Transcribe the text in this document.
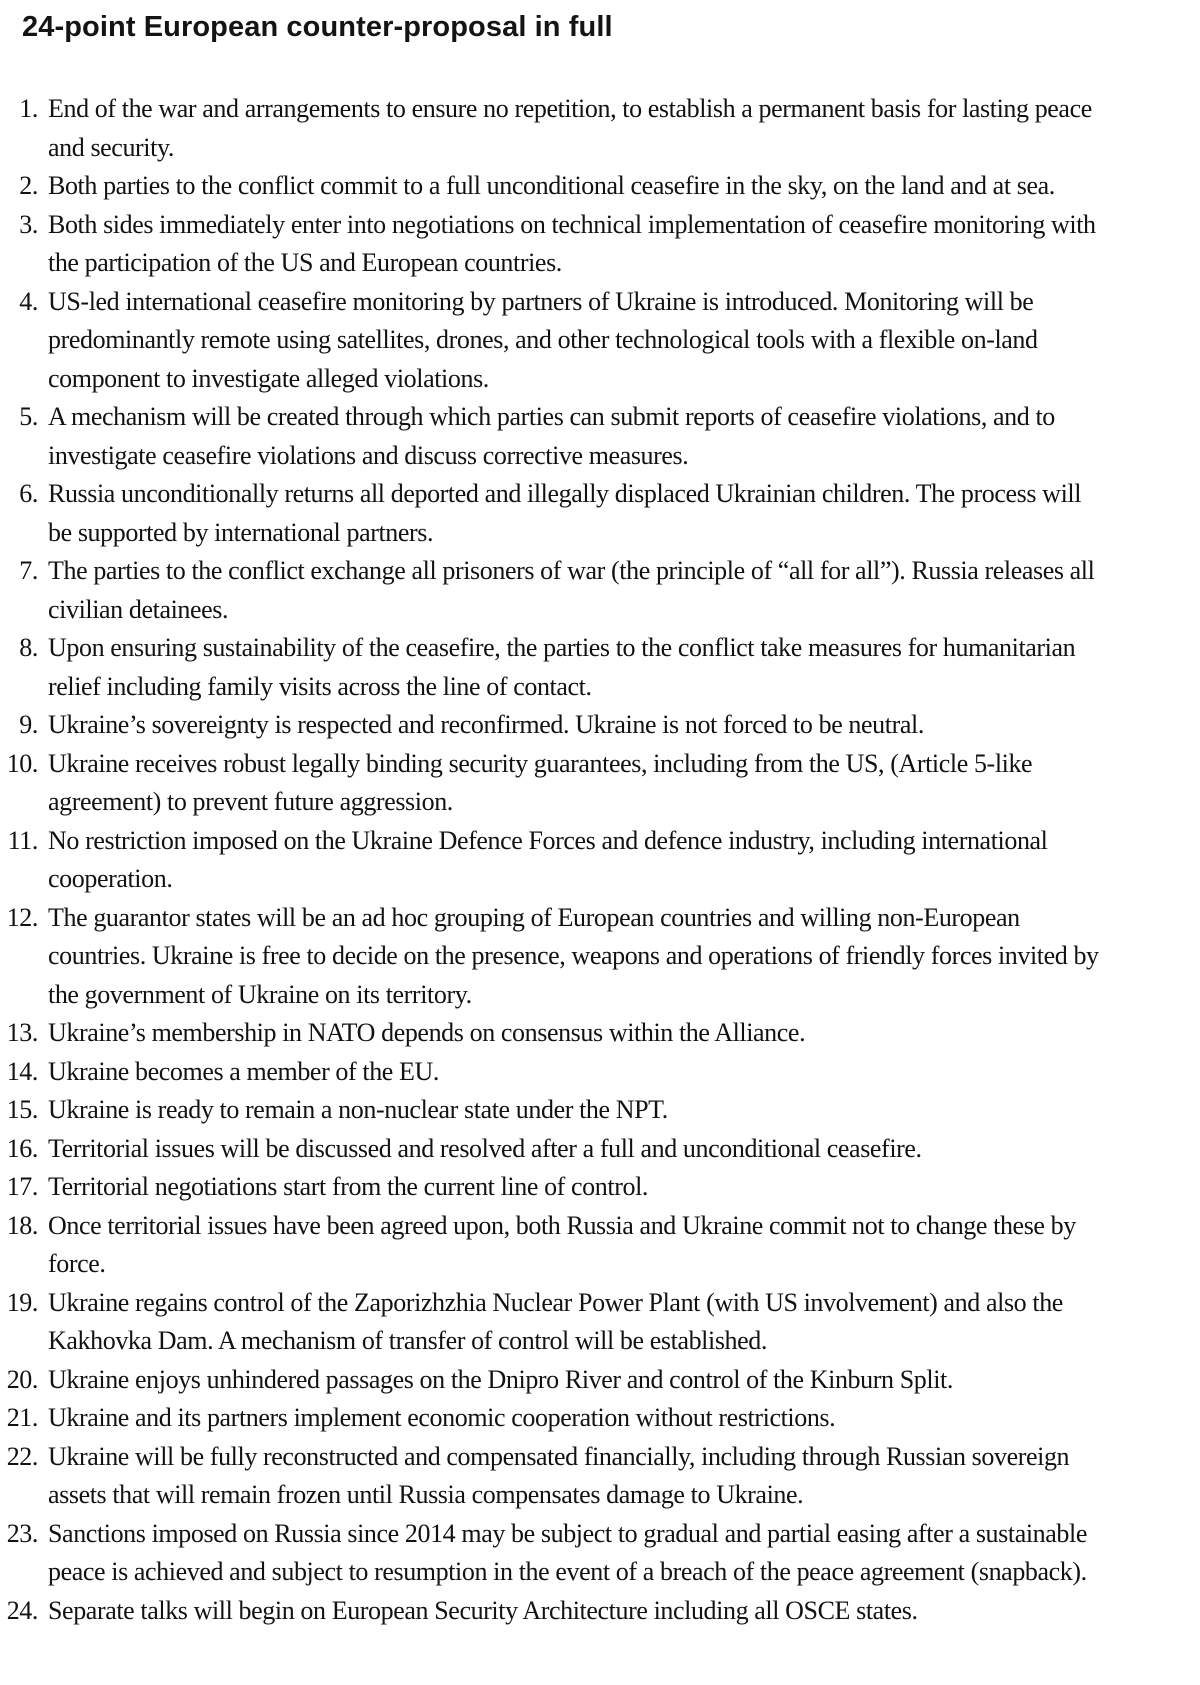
24-point European counter-proposal in full
1. End of the war and arrangements to ensure no repetition, to establish a permanent basis for lasting peace and security.
2. Both parties to the conflict commit to a full unconditional ceasefire in the sky, on the land and at sea.
3. Both sides immediately enter into negotiations on technical implementation of ceasefire monitoring with the participation of the US and European countries.
4. US-led international ceasefire monitoring by partners of Ukraine is introduced. Monitoring will be predominantly remote using satellites, drones, and other technological tools with a flexible on-land component to investigate alleged violations.
5. A mechanism will be created through which parties can submit reports of ceasefire violations, and to investigate ceasefire violations and discuss corrective measures.
6. Russia unconditionally returns all deported and illegally displaced Ukrainian children. The process will be supported by international partners.
7. The parties to the conflict exchange all prisoners of war (the principle of “all for all”). Russia releases all civilian detainees.
8. Upon ensuring sustainability of the ceasefire, the parties to the conflict take measures for humanitarian relief including family visits across the line of contact.
9. Ukraine’s sovereignty is respected and reconfirmed. Ukraine is not forced to be neutral.
10. Ukraine receives robust legally binding security guarantees, including from the US, (Article 5-like agreement) to prevent future aggression.
11. No restriction imposed on the Ukraine Defence Forces and defence industry, including international cooperation.
12. The guarantor states will be an ad hoc grouping of European countries and willing non-European countries. Ukraine is free to decide on the presence, weapons and operations of friendly forces invited by the government of Ukraine on its territory.
13. Ukraine’s membership in NATO depends on consensus within the Alliance.
14. Ukraine becomes a member of the EU.
15. Ukraine is ready to remain a non-nuclear state under the NPT.
16. Territorial issues will be discussed and resolved after a full and unconditional ceasefire.
17. Territorial negotiations start from the current line of control.
18. Once territorial issues have been agreed upon, both Russia and Ukraine commit not to change these by force.
19. Ukraine regains control of the Zaporizhzhia Nuclear Power Plant (with US involvement) and also the Kakhovka Dam. A mechanism of transfer of control will be established.
20. Ukraine enjoys unhindered passages on the Dnipro River and control of the Kinburn Split.
21. Ukraine and its partners implement economic cooperation without restrictions.
22. Ukraine will be fully reconstructed and compensated financially, including through Russian sovereign assets that will remain frozen until Russia compensates damage to Ukraine.
23. Sanctions imposed on Russia since 2014 may be subject to gradual and partial easing after a sustainable peace is achieved and subject to resumption in the event of a breach of the peace agreement (snapback).
24. Separate talks will begin on European Security Architecture including all OSCE states.
